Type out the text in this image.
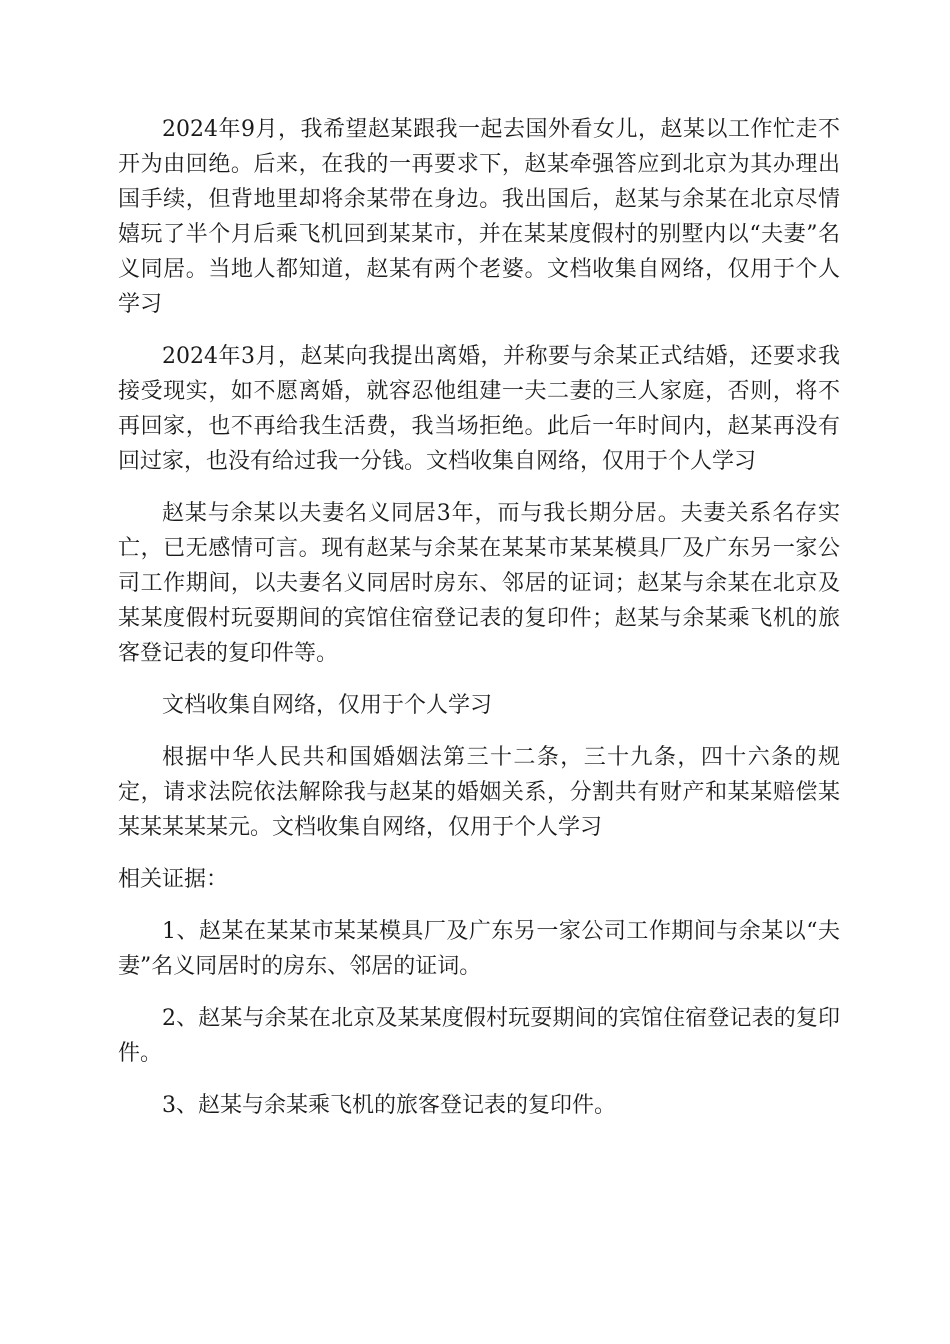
2024年9月，我希望赵某跟我一起去国外看女儿，赵某以工作忙走不开为由回绝。后来，在我的一再要求下，赵某牵强答应到北京为其办理出国手续，但背地里却将余某带在身边。我出国后，赵某与余某在北京尽情嬉玩了半个月后乘飞机回到某某市，并在某某度假村的别墅内以“夫妻”名义同居。当地人都知道，赵某有两个老婆。文档收集自网络，仅用于个人学习

2024年3月，赵某向我提出离婚，并称要与余某正式结婚，还要求我接受现实，如不愿离婚，就容忍他组建一夫二妻的三人家庭，否则，将不再回家，也不再给我生活费，我当场拒绝。此后一年时间内，赵某再没有回过家，也没有给过我一分钱。文档收集自网络，仅用于个人学习

赵某与余某以夫妻名义同居3年，而与我长期分居。夫妻关系名存实亡，已无感情可言。现有赵某与余某在某某市某某模具厂及广东另一家公司工作期间，以夫妻名义同居时房东、邻居的证词；赵某与余某在北京及某某度假村玩耍期间的宾馆住宿登记表的复印件；赵某与余某乘飞机的旅客登记表的复印件等。

文档收集自网络，仅用于个人学习

根据中华人民共和国婚姻法第三十二条，三十九条，四十六条的规定，请求法院依法解除我与赵某的婚姻关系，分割共有财产和某某赔偿某某某某某某元。文档收集自网络，仅用于个人学习

相关证据：

1、赵某在某某市某某模具厂及广东另一家公司工作期间与余某以“夫妻”名义同居时的房东、邻居的证词。

2、赵某与余某在北京及某某度假村玩耍期间的宾馆住宿登记表的复印件。

3、赵某与余某乘飞机的旅客登记表的复印件。
